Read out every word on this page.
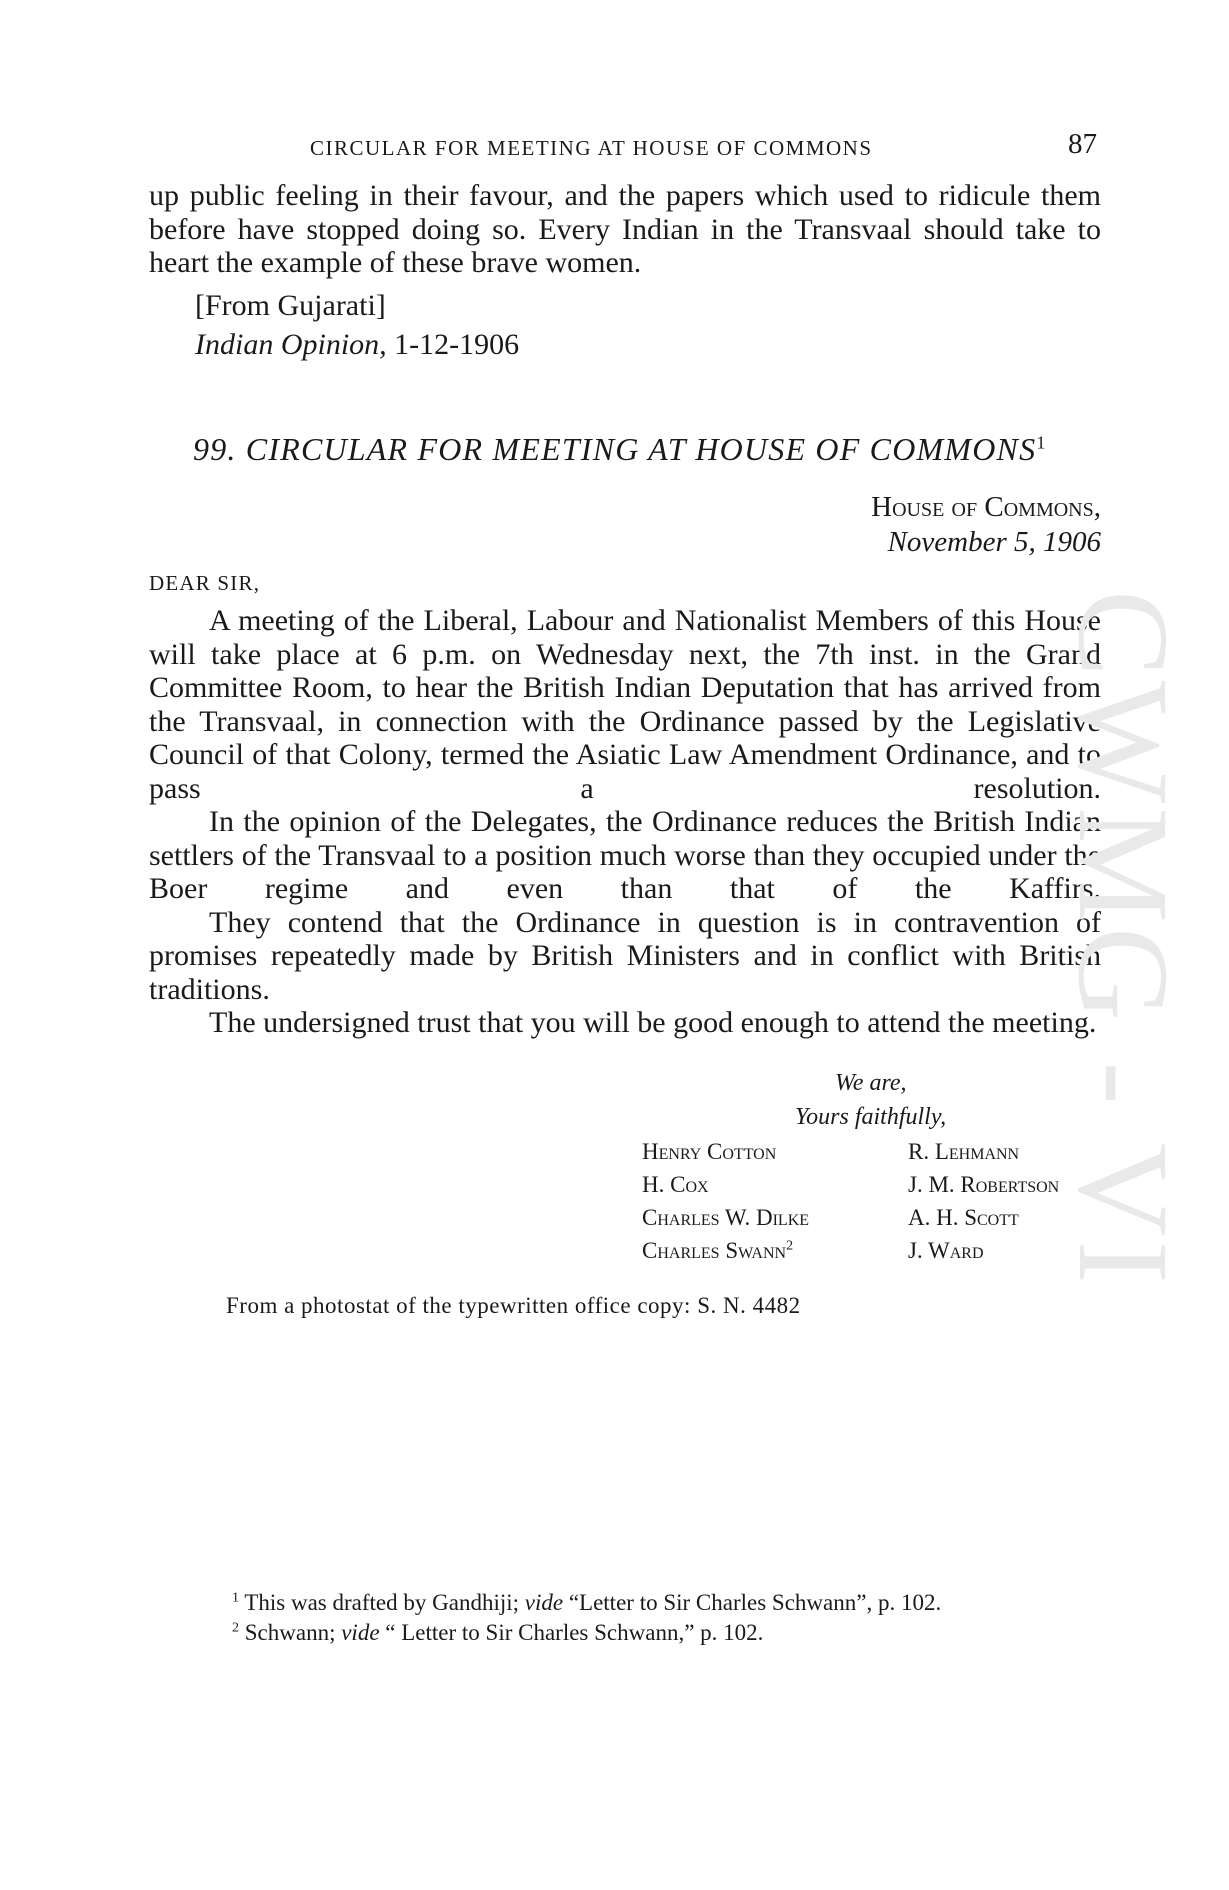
CIRCULAR FOR MEETING AT HOUSE OF COMMONS	87
up public feeling in their favour, and the papers which used to ridicule them before have stopped doing so. Every Indian in the Transvaal should take to heart the example of these brave women.
[From Gujarati]
Indian Opinion, 1-12-1906
99. CIRCULAR FOR MEETING AT HOUSE OF COMMONS$^1$
House of Commons,
November 5, 1906
DEAR SIR,
A meeting of the Liberal, Labour and Nationalist Members of this House will take place at 6 p.m. on Wednesday next, the 7th inst. in the Grand Committee Room, to hear the British Indian Deputation that has arrived from the Transvaal, in connection with the Ordinance passed by the Legislative Council of that Colony, termed the Asiatic Law Amendment Ordinance, and to pass a resolution.
In the opinion of the Delegates, the Ordinance reduces the British Indian settlers of the Transvaal to a position much worse than they occupied under the Boer regime and even than that of the Kaffirs.
They contend that the Ordinance in question is in contravention of promises repeatedly made by British Ministers and in conflict with British traditions.
The undersigned trust that you will be good enough to attend the meeting.
We are,
Yours faithfully,
Henry Cotton
H. Cox
Charles W. Dilke
Charles Swann$^2$
R. Lehmann
J. M. Robertson
A. H. Scott
J. Ward
From a photostat of the typewritten office copy: S. N. 4482
$^1$ This was drafted by Gandhiji; vide “Letter to Sir Charles Schwann”, p. 102.
$^2$ Schwann; vide “ Letter to Sir Charles Schwann,” p. 102.
CWMG - VI
